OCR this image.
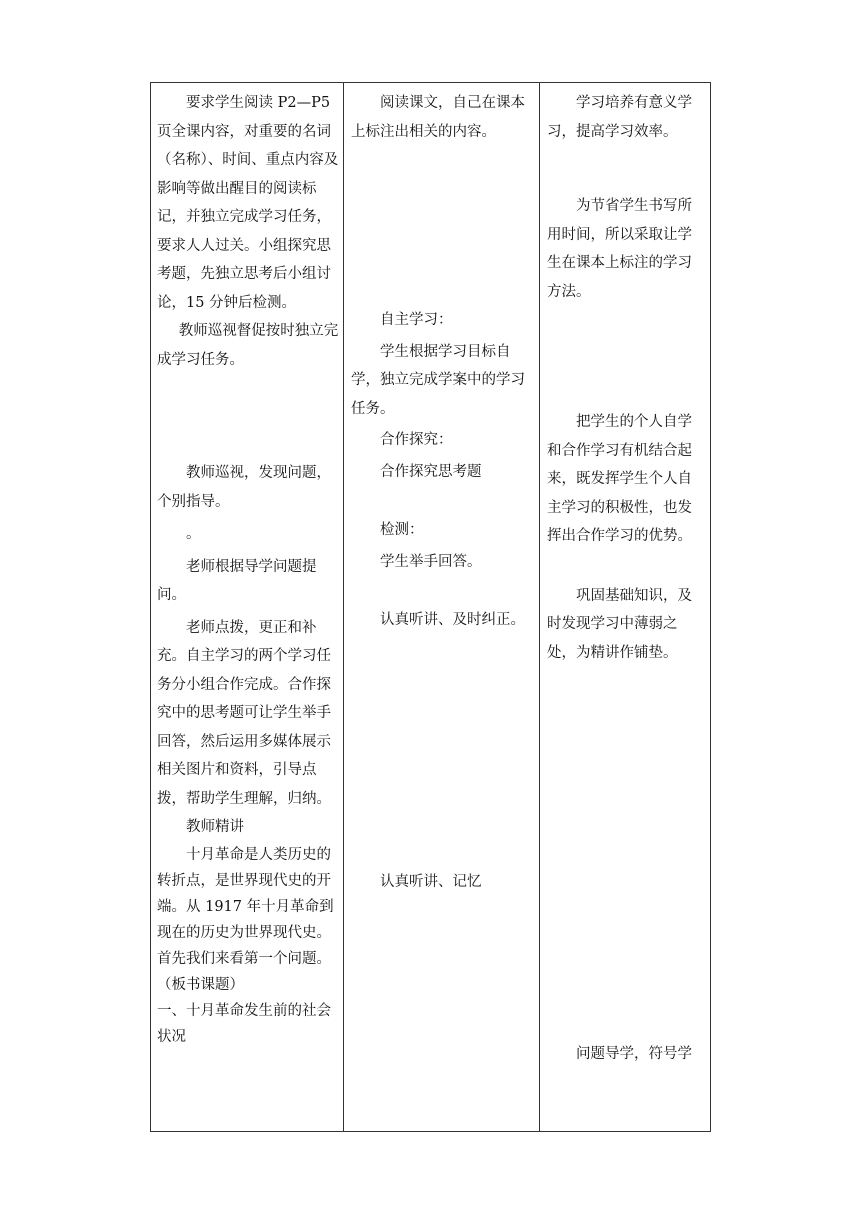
要求学生阅读 P2—P5 页全课内容，对重要的名词（名称）、时间、重点内容及影响等做出醒目的阅读标记，并独立完成学习任务，要求人人过关。小组探究思考题，先独立思考后小组讨论，15 分钟后检测。

教师巡视督促按时独立完成学习任务。

教师巡视，发现问题，个别指导。

。

老师根据导学问题提问。

老师点拨，更正和补充。自主学习的两个学习任务分小组合作完成。合作探究中的思考题可让学生举手回答，然后运用多媒体展示相关图片和资料，引导点拨，帮助学生理解，归纳。

教师精讲

十月革命是人类历史的转折点，是世界现代史的开端。从 1917 年十月革命到现在的历史为世界现代史。首先我们来看第一个问题。（板书课题）

一、十月革命发生前的社会状况

阅读课文，自己在课本上标注出相关的内容。

自主学习：

学生根据学习目标自学，独立完成学案中的学习任务。

合作探究：

合作探究思考题

检测：

学生举手回答。

认真听讲、及时纠正。

认真听讲、记忆

学习培养有意义学习，提高学习效率。

为节省学生书写所用时间，所以采取让学生在课本上标注的学习方法。

把学生的个人自学和合作学习有机结合起来，既发挥学生个人自主学习的积极性，也发挥出合作学习的优势。

巩固基础知识，及时发现学习中薄弱之处，为精讲作铺垫。

问题导学，符号学
